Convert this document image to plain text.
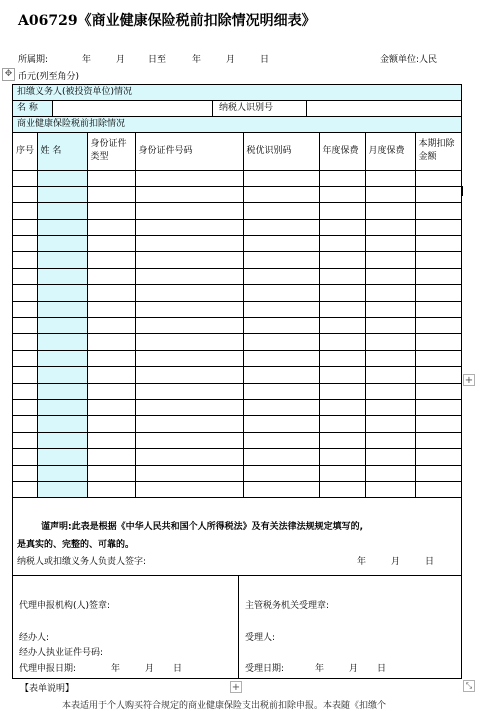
A06729《商业健康保险税前扣除情况明细表》
所属期:	年	月	日至	年	月	日	金额单位:人民
✥ 币元(列至角分)
扣缴义务人(被投资单位)情况
名 称	纳税人识别号
商业健康保险税前扣除情况
序号	姓 名	身份证件类型	身份证件号码	税优识别码	年度保费	月度保费	本期扣除金额

谨声明:此表是根据《中华人民共和国个人所得税法》及有关法律法规规定填写的,
是真实的、完整的、可靠的。
纳税人或扣缴义务人负责人签字:	年	月	日
代理申报机构(人)签章:
经办人:
经办人执业证件号码:
代理申报日期:	年	月 日
主管税务机关受理章:
受理人:
受理日期:	年	月 日
+
+	⤡
【表单说明】
本表适用于个人购买符合规定的商业健康保险支出税前扣除申报。本表随《扣缴个
